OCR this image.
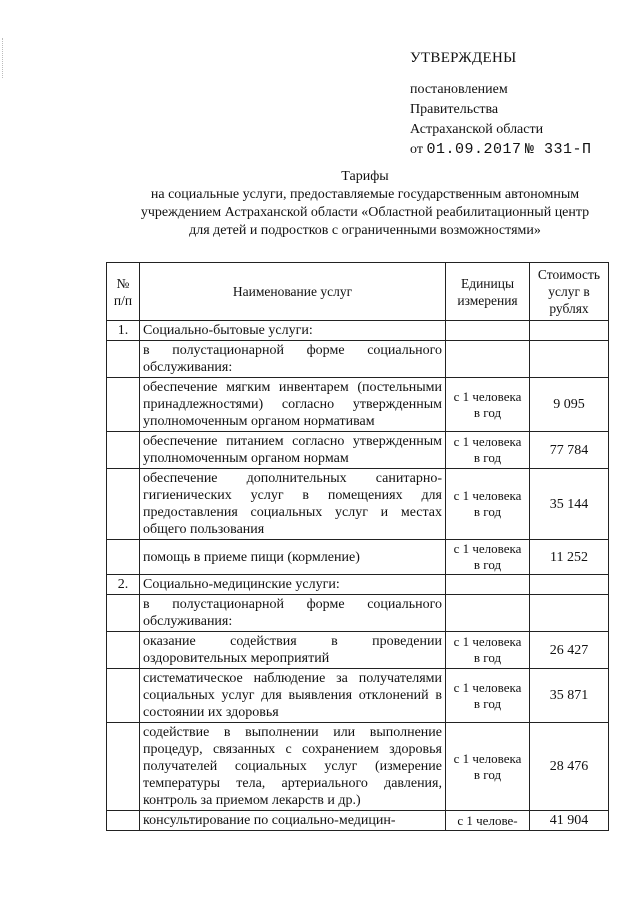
УТВЕРЖДЕНЫ
постановлением
Правительства
Астраханской области
от 01.09.2017 № 331-П
Тарифы
на социальные услуги, предоставляемые государственным автономным
учреждением Астраханской области «Областной реабилитационный центр
для детей и подростков с ограниченными возможностями»
№ п/п	Наименование услуг	Единицы измерения	Стоимость услуг в рублях
1.	Социально-бытовые услуги:		
	в полустационарной форме социального обслуживания:		
	обеспечение мягким инвентарем (постельными принадлежностями) согласно утвержденным уполномоченным органом нормативам	с 1 человека в год	9 095
	обеспечение питанием согласно утвержденным уполномоченным органом нормам	с 1 человека в год	77 784
	обеспечение дополнительных санитарно-гигиенических услуг в помещениях для предоставления социальных услуг и местах общего пользования	с 1 человека в год	35 144
	помощь в приеме пищи (кормление)	с 1 человека в год	11 252
2.	Социально-медицинские услуги:		
	в полустационарной форме социального обслуживания:		
	оказание содействия в проведении оздоровительных мероприятий	с 1 человека в год	26 427
	систематическое наблюдение за получателями социальных услуг для выявления отклонений в состоянии их здоровья	с 1 человека в год	35 871
	содействие в выполнении или выполнение процедур, связанных с сохранением здоровья получателей социальных услуг (измерение температуры тела, артериального давления, контроль за приемом лекарств и др.)	с 1 человека в год	28 476
	консультирование по социально-медицин-	с 1 челове-	41 904
